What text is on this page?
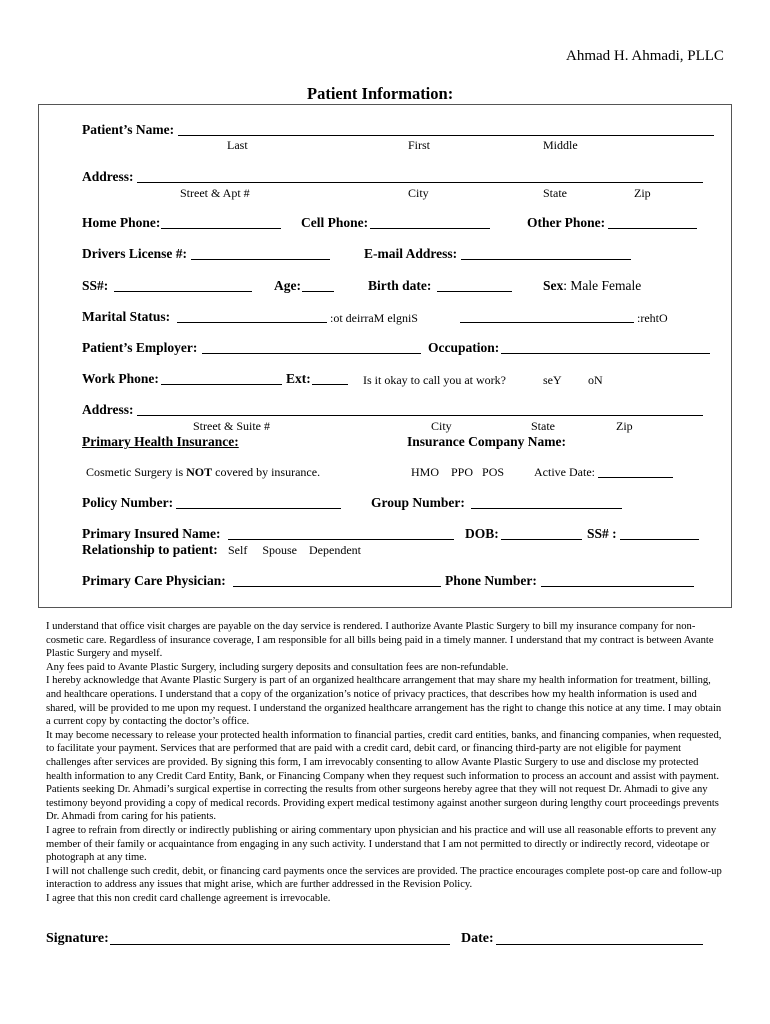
Ahmad H. Ahmadi, PLLC
Patient Information:
Patient’s Name:
Last	First	Middle
Address:
Street & Apt #	City	State	Zip
Home Phone:	Cell Phone:	Other Phone:
Drivers License #:	E-mail Address:
SS#:	Age:	Birth date:	Sex: Male Female
Marital Status:	:ot deirraM elgniS	:rehtO
Patient’s Employer:	Occupation:
Work Phone:	Ext:	Is it okay to call you at work?	seY oN
Address:
Street & Suite #	City	State	Zip
Primary Health Insurance:	Insurance Company Name:
Cosmetic Surgery is NOT covered by insurance.	HMO    PPO   POS Active Date:
Policy Number:	Group Number:
Primary Insured Name:	DOB:	SS# :
Relationship to patient: Self     Spouse    Dependent
Primary Care Physician:	Phone Number:

I understand that office visit charges are payable on the day service is rendered. I authorize Avante Plastic Surgery to bill my insurance company for non-cosmetic care. Regardless of insurance coverage, I am responsible for all bills being paid in a timely manner. I understand that my contract is between Avante Plastic Surgery and myself.

Any fees paid to Avante Plastic Surgery, including surgery deposits and consultation fees are non-refundable.

I hereby acknowledge that Avante Plastic Surgery is part of an organized healthcare arrangement that may share my health information for treatment, billing, and healthcare operations. I understand that a copy of the organization’s notice of privacy practices, that describes how my health information is used and shared, will be provided to me upon my request. I understand the organized healthcare arrangement has the right to change this notice at any time. I may obtain a current copy by contacting the doctor’s office.

It may become necessary to release your protected health information to financial parties, credit card entities, banks, and financing companies, when requested, to facilitate your payment. Services that are performed that are paid with a credit card, debit card, or financing third-party are not eligible for payment challenges after services are provided. By signing this form, I am irrevocably consenting to allow Avante Plastic Surgery to use and disclose my protected health information to any Credit Card Entity, Bank, or Financing Company when they request such information to process an account and assist with payment.

Patients seeking Dr. Ahmadi’s surgical expertise in correcting the results from other surgeons hereby agree that they will not request Dr. Ahmadi to give any testimony beyond providing a copy of medical records. Providing expert medical testimony against another surgeon during lengthy court proceedings prevents Dr. Ahmadi from caring for his patients.

I agree to refrain from directly or indirectly publishing or airing commentary upon physician and his practice and will use all reasonable efforts to prevent any member of their family or acquaintance from engaging in any such activity. I understand that I am not permitted to directly or indirectly record, videotape or photograph at any time.

I will not challenge such credit, debit, or financing card payments once the services are provided. The practice encourages complete post-op care and follow-up interaction to address any issues that might arise, which are further addressed in the Revision Policy.

I agree that this non credit card challenge agreement is irrevocable.

Signature:	Date:
